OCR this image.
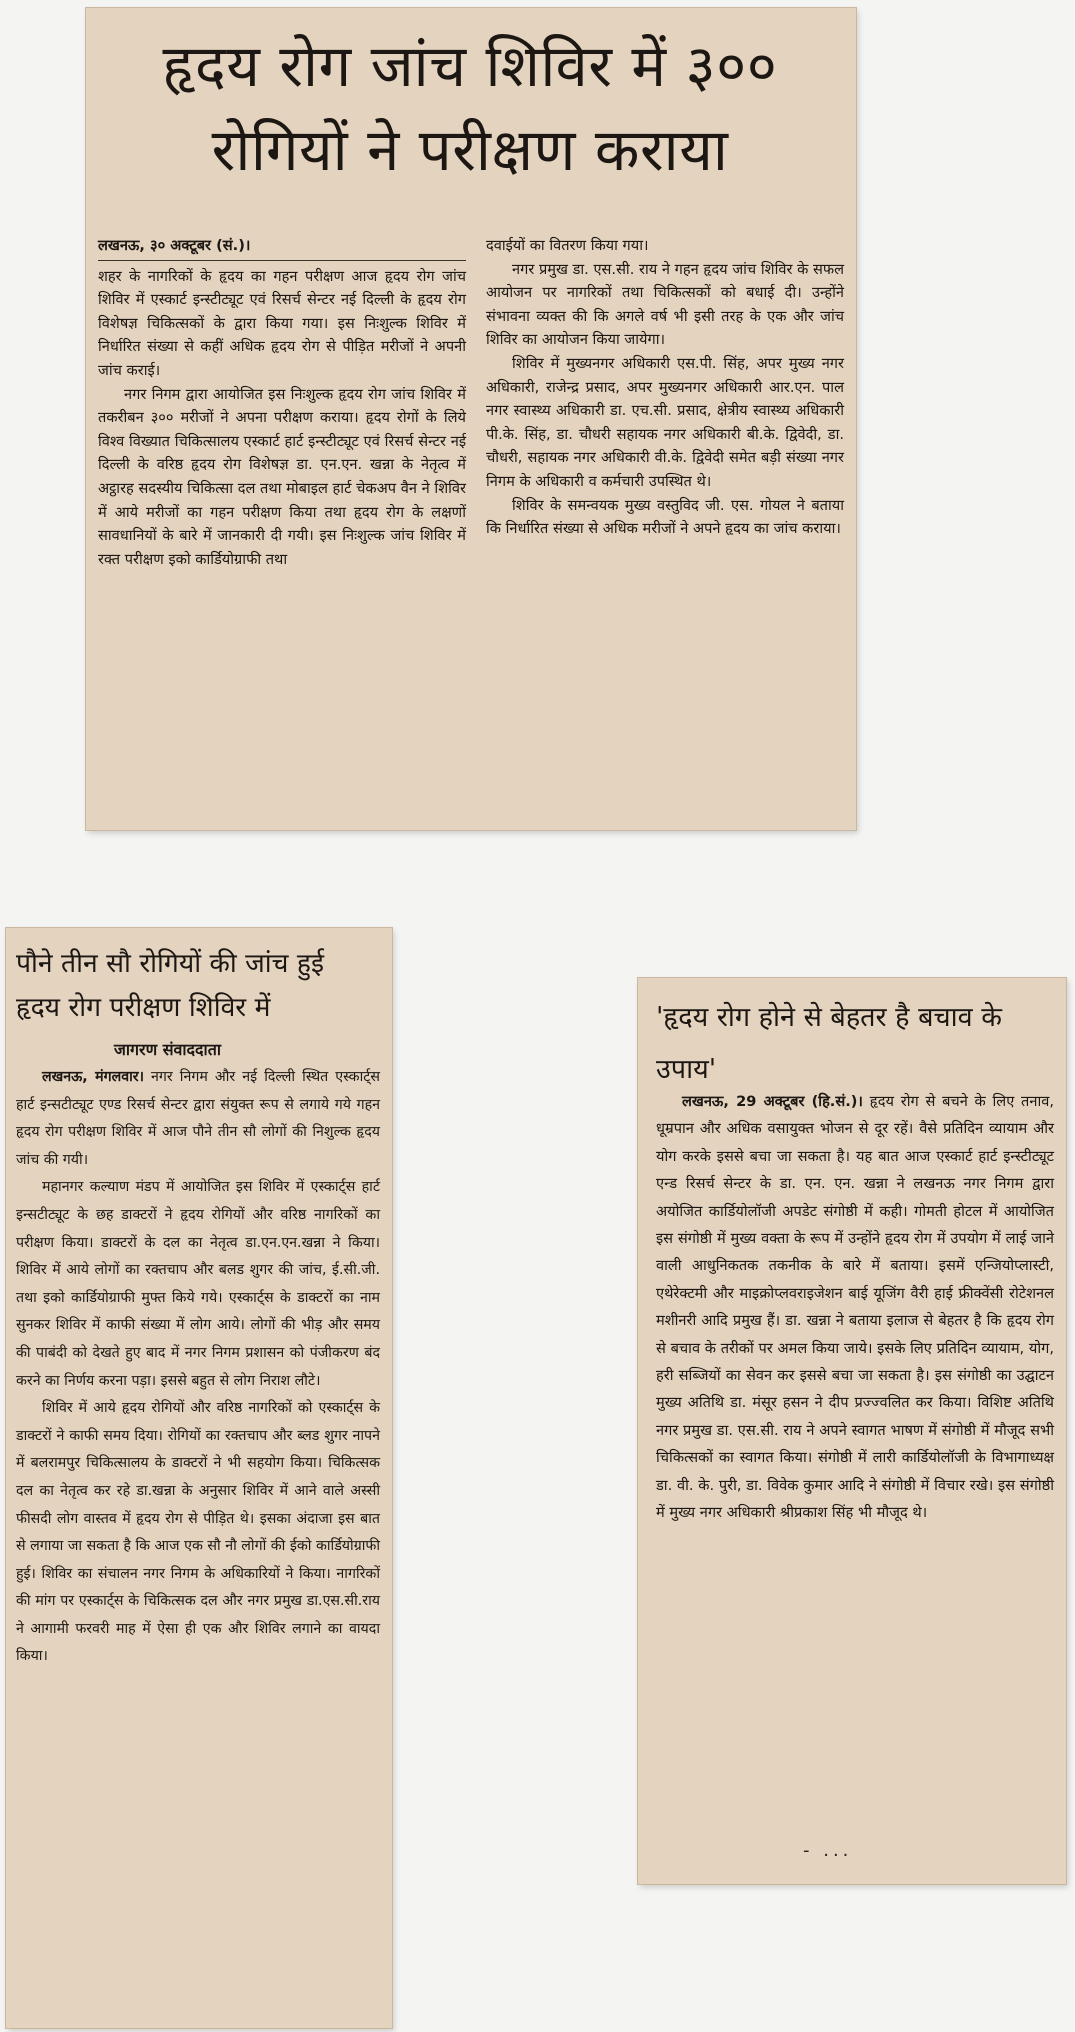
हृदय रोग जांच शिविर में ३०० रोगियों ने परीक्षण कराया
लखनऊ, ३० अक्टूबर (सं.)।

शहर के नागरिकों के हृदय का गहन परीक्षण आज हृदय रोग जांच शिविर में एस्कार्ट इन्स्टीट्यूट एवं रिसर्च सेन्टर नई दिल्ली के हृदय रोग विशेषज्ञ चिकित्सकों के द्वारा किया गया। इस निःशुल्क शिविर में निर्धारित संख्या से कहीं अधिक हृदय रोग से पीड़ित मरीजों ने अपनी जांच कराई।

नगर निगम द्वारा आयोजित इस निःशुल्क हृदय रोग जांच शिविर में तकरीबन ३०० मरीजों ने अपना परीक्षण कराया। हृदय रोगों के लिये विश्व विख्यात चिकित्सालय एस्कार्ट हार्ट इन्स्टीट्यूट एवं रिसर्च सेन्टर नई दिल्ली के वरिष्ठ हृदय रोग विशेषज्ञ डा. एन.एन. खन्ना के नेतृत्व में अट्ठारह सदस्यीय चिकित्सा दल तथा मोबाइल हार्ट चेकअप वैन ने शिविर में आये मरीजों का गहन परीक्षण किया तथा हृदय रोग के लक्षणों सावधानियों के बारे में जानकारी दी गयी। इस निःशुल्क जांच शिविर में रक्त परीक्षण इको कार्डियोग्राफी तथा

दवाईयों का वितरण किया गया।

नगर प्रमुख डा. एस.सी. राय ने गहन हृदय जांच शिविर के सफल आयोजन पर नागरिकों तथा चिकित्सकों को बधाई दी। उन्होंने संभावना व्यक्त की कि अगले वर्ष भी इसी तरह के एक और जांच शिविर का आयोजन किया जायेगा।

शिविर में मुख्यनगर अधिकारी एस.पी. सिंह, अपर मुख्य नगर अधिकारी, राजेन्द्र प्रसाद, अपर मुख्यनगर अधिकारी आर.एन. पाल नगर स्वास्थ्य अधिकारी डा. एच.सी. प्रसाद, क्षेत्रीय स्वास्थ्य अधिकारी पी.के. सिंह, डा. चौधरी सहायक नगर अधिकारी बी.के. द्विवेदी, डा. चौधरी, सहायक नगर अधिकारी वी.के. द्विवेदी समेत बड़ी संख्या नगर निगम के अधिकारी व कर्मचारी उपस्थित थे।

शिविर के समन्वयक मुख्य वस्तुविद जी. एस. गोयल ने बताया कि निर्धारित संख्या से अधिक मरीजों ने अपने हृदय का जांच कराया।

पौने तीन सौ रोगियों की जांच हुई
हृदय रोग परीक्षण शिविर में
जागरण संवाददाता

लखनऊ, मंगलवार। नगर निगम और नई दिल्ली स्थित एस्कार्ट्स हार्ट इन्सटीट्यूट एण्ड रिसर्च सेन्टर द्वारा संयुक्त रूप से लगाये गये गहन हृदय रोग परीक्षण शिविर में आज पौने तीन सौ लोगों की निशुल्क हृदय जांच की गयी।

महानगर कल्याण मंडप में आयोजित इस शिविर में एस्कार्ट्स हार्ट इन्सटीट्यूट के छह डाक्टरों ने हृदय रोगियों और वरिष्ठ नागरिकों का परीक्षण किया। डाक्टरों के दल का नेतृत्व डा.एन.एन.खन्ना ने किया। शिविर में आये लोगों का रक्तचाप और बलड शुगर की जांच, ई.सी.जी. तथा इको कार्डियोग्राफी मुफ्त किये गये। एस्कार्ट्स के डाक्टरों का नाम सुनकर शिविर में काफी संख्या में लोग आये। लोगों की भीड़ और समय की पाबंदी को देखते हुए बाद में नगर निगम प्रशासन को पंजीकरण बंद करने का निर्णय करना पड़ा। इससे बहुत से लोग निराश लौटे।

शिविर में आये हृदय रोगियों और वरिष्ठ नागरिकों को एस्कार्ट्स के डाक्टरों ने काफी समय दिया। रोगियों का रक्तचाप और ब्लड शुगर नापने में बलरामपुर चिकित्सालय के डाक्टरों ने भी सहयोग किया। चिकित्सक दल का नेतृत्व कर रहे डा.खन्ना के अनुसार शिविर में आने वाले अस्सी फीसदी लोग वास्तव में हृदय रोग से पीड़ित थे। इसका अंदाजा इस बात से लगाया जा सकता है कि आज एक सौ नौ लोगों की ईको कार्डियोग्राफी हुई। शिविर का संचालन नगर निगम के अधिकारियों ने किया। नागरिकों की मांग पर एस्कार्ट्स के चिकित्सक दल और नगर प्रमुख डा.एस.सी.राय ने आगामी फरवरी माह में ऐसा ही एक और शिविर लगाने का वायदा किया।

'हृदय रोग होने से बेहतर है बचाव के उपाय'

लखनऊ, 29 अक्टूबर (हि.सं.)। हृदय रोग से बचने के लिए तनाव, धूम्रपान और अधिक वसायुक्त भोजन से दूर रहें। वैसे प्रतिदिन व्यायाम और योग करके इससे बचा जा सकता है। यह बात आज एस्कार्ट हार्ट इन्स्टीट्यूट एन्ड रिसर्च सेन्टर के डा. एन. एन. खन्ना ने लखनऊ नगर निगम द्वारा अयोजित कार्डियोलॉजी अपडेट संगोष्ठी में कही। गोमती होटल में आयोजित इस संगोष्ठी में मुख्य वक्ता के रूप में उन्होंने हृदय रोग में उपयोग में लाई जाने वाली आधुनिकतक तकनीक के बारे में बताया। इसमें एन्जियोप्लास्टी, एथेरेक्टमी और माइक्रोप्लवराइजेशन बाई यूजिंग वैरी हाई फ्रीक्वेंसी रोटेशनल मशीनरी आदि प्रमुख हैं। डा. खन्ना ने बताया इलाज से बेहतर है कि हृदय रोग से बचाव के तरीकों पर अमल किया जाये। इसके लिए प्रतिदिन व्यायाम, योग, हरी सब्जियों का सेवन कर इससे बचा जा सकता है। इस संगोष्ठी का उद्घाटन मुख्य अतिथि डा. मंसूर हसन ने दीप प्रज्ज्वलित कर किया। विशिष्ट अतिथि नगर प्रमुख डा. एस.सी. राय ने अपने स्वागत भाषण में संगोष्ठी में मौजूद सभी चिकित्सकों का स्वागत किया। संगोष्ठी में लारी कार्डियोलॉजी के विभागाध्यक्ष डा. वी. के. पुरी, डा. विवेक कुमार आदि ने संगोष्ठी में विचार रखे। इस संगोष्ठी में मुख्य नगर अधिकारी श्रीप्रकाश सिंह भी मौजूद थे।

- ...
